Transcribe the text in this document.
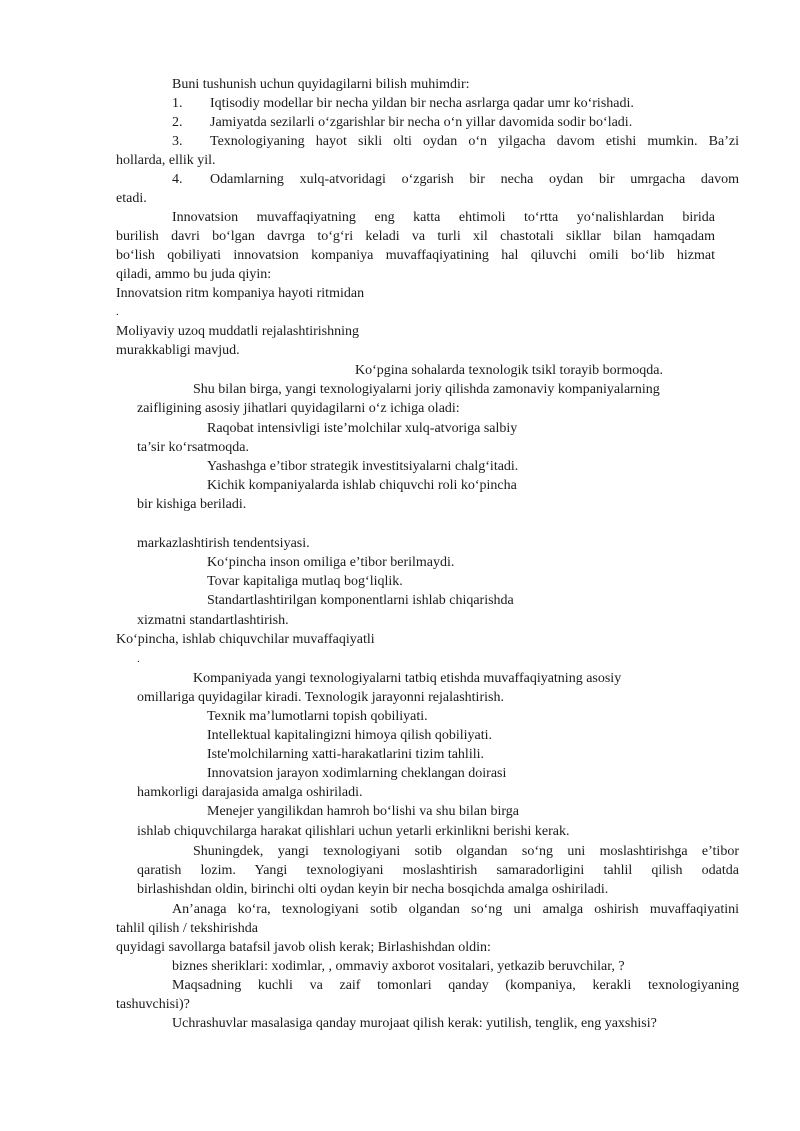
Buni tushunish uchun quyidagilarni bilish muhimdir:
1. Iqtisodiy modellar bir necha yildan bir necha asrlarga qadar umr ko‘rishadi.
2. Jamiyatda sezilarli o‘zgarishlar bir necha o‘n yillar davomida sodir bo‘ladi.
3. Texnologiyaning hayot sikli olti oydan o‘n yilgacha davom etishi mumkin. Ba’zi
hollarda, ellik yil.
4. Odamlarning xulq-atvoridagi o‘zgarish bir necha oydan bir umrgacha davom
etadi.
Innovatsion muvaffaqiyatning eng katta ehtimoli to‘rtta yo‘nalishlardan birida
burilish davri bo‘lgan davrga to‘g‘ri keladi va turli xil chastotali sikllar bilan hamqadam
bo‘lish qobiliyati innovatsion kompaniya muvaffaqiyatining hal qiluvchi omili bo‘lib hizmat
qiladi, ammo bu juda qiyin:
Innovatsion ritm kompaniya hayoti ritmidan
.
Moliyaviy uzoq muddatli rejalashtirishning
murakkabligi mavjud.
Ko‘pgina sohalarda texnologik tsikl torayib bormoqda.
Shu bilan birga, yangi texnologiyalarni joriy qilishda zamonaviy kompaniyalarning
zaifligining asosiy jihatlari quyidagilarni o‘z ichiga oladi:
Raqobat intensivligi iste’molchilar xulq-atvoriga salbiy
ta’sir ko‘rsatmoqda.
Yashashga e’tibor strategik investitsiyalarni chalg‘itadi.
Kichik kompaniyalarda ishlab chiquvchi roli ko‘pincha
bir kishiga beriladi.
markazlashtirish tendentsiyasi.
Ko‘pincha inson omiliga e’tibor berilmaydi.
Tovar kapitaliga mutlaq bog‘liqlik.
Standartlashtirilgan komponentlarni ishlab chiqarishda
xizmatni standartlashtirish.
Ko‘pincha, ishlab chiquvchilar muvaffaqiyatli
.
Kompaniyada yangi texnologiyalarni tatbiq etishda muvaffaqiyatning asosiy
omillariga quyidagilar kiradi. Texnologik jarayonni rejalashtirish.
Texnik ma’lumotlarni topish qobiliyati.
Intellektual kapitalingizni himoya qilish qobiliyati.
Iste'molchilarning xatti-harakatlarini tizim tahlili.
Innovatsion jarayon xodimlarning cheklangan doirasi
hamkorligi darajasida amalga oshiriladi.
Menejer yangilikdan hamroh bo‘lishi va shu bilan birga
ishlab chiquvchilarga harakat qilishlari uchun yetarli erkinlikni berishi kerak.
Shuningdek, yangi texnologiyani sotib olgandan so‘ng uni moslashtirishga e’tibor
qaratish lozim. Yangi texnologiyani moslashtirish samaradorligini tahlil qilish odatda
birlashishdan oldin, birinchi olti oydan keyin bir necha bosqichda amalga oshiriladi.
An’anaga ko‘ra, texnologiyani sotib olgandan so‘ng uni amalga oshirish muvaffaqiyatini
tahlil qilish / tekshirishda
quyidagi savollarga batafsil javob olish kerak; Birlashishdan oldin:
biznes sheriklari: xodimlar, , ommaviy axborot vositalari, yetkazib beruvchilar, ?
Maqsadning kuchli va zaif tomonlari qanday (kompaniya, kerakli texnologiyaning
tashuvchisi)?
Uchrashuvlar masalasiga qanday murojaat qilish kerak: yutilish, tenglik, eng yaxshisi?
